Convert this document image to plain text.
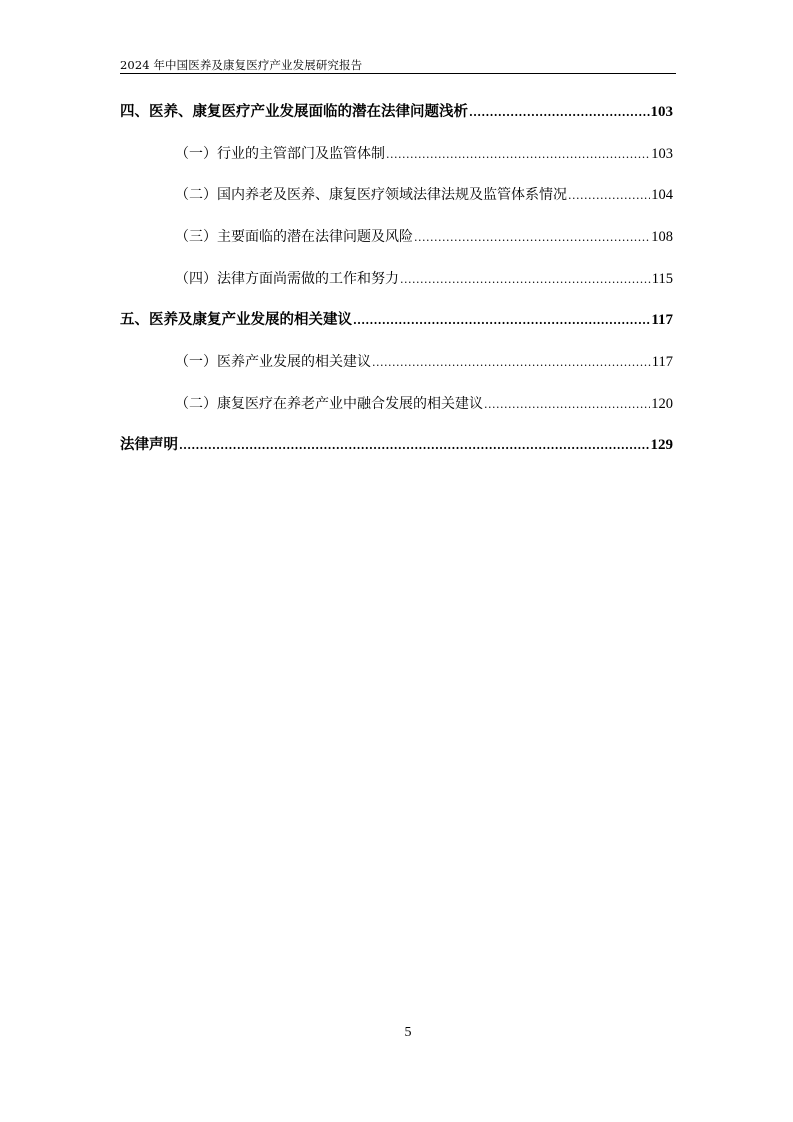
2024 年中国医养及康复医疗产业发展研究报告
四、医养、康复医疗产业发展面临的潜在法律问题浅析 .....	103
（一）行业的主管部门及监管体制 .....	103
（二）国内养老及医养、康复医疗领域法律法规及监管体系情况 .....	104
（三）主要面临的潜在法律问题及风险 .....	108
（四）法律方面尚需做的工作和努力 .....	115
五、医养及康复产业发展的相关建议 .....	117
（一）医养产业发展的相关建议 .....	117
（二）康复医疗在养老产业中融合发展的相关建议 .....	120
法律声明 .....	129
5
